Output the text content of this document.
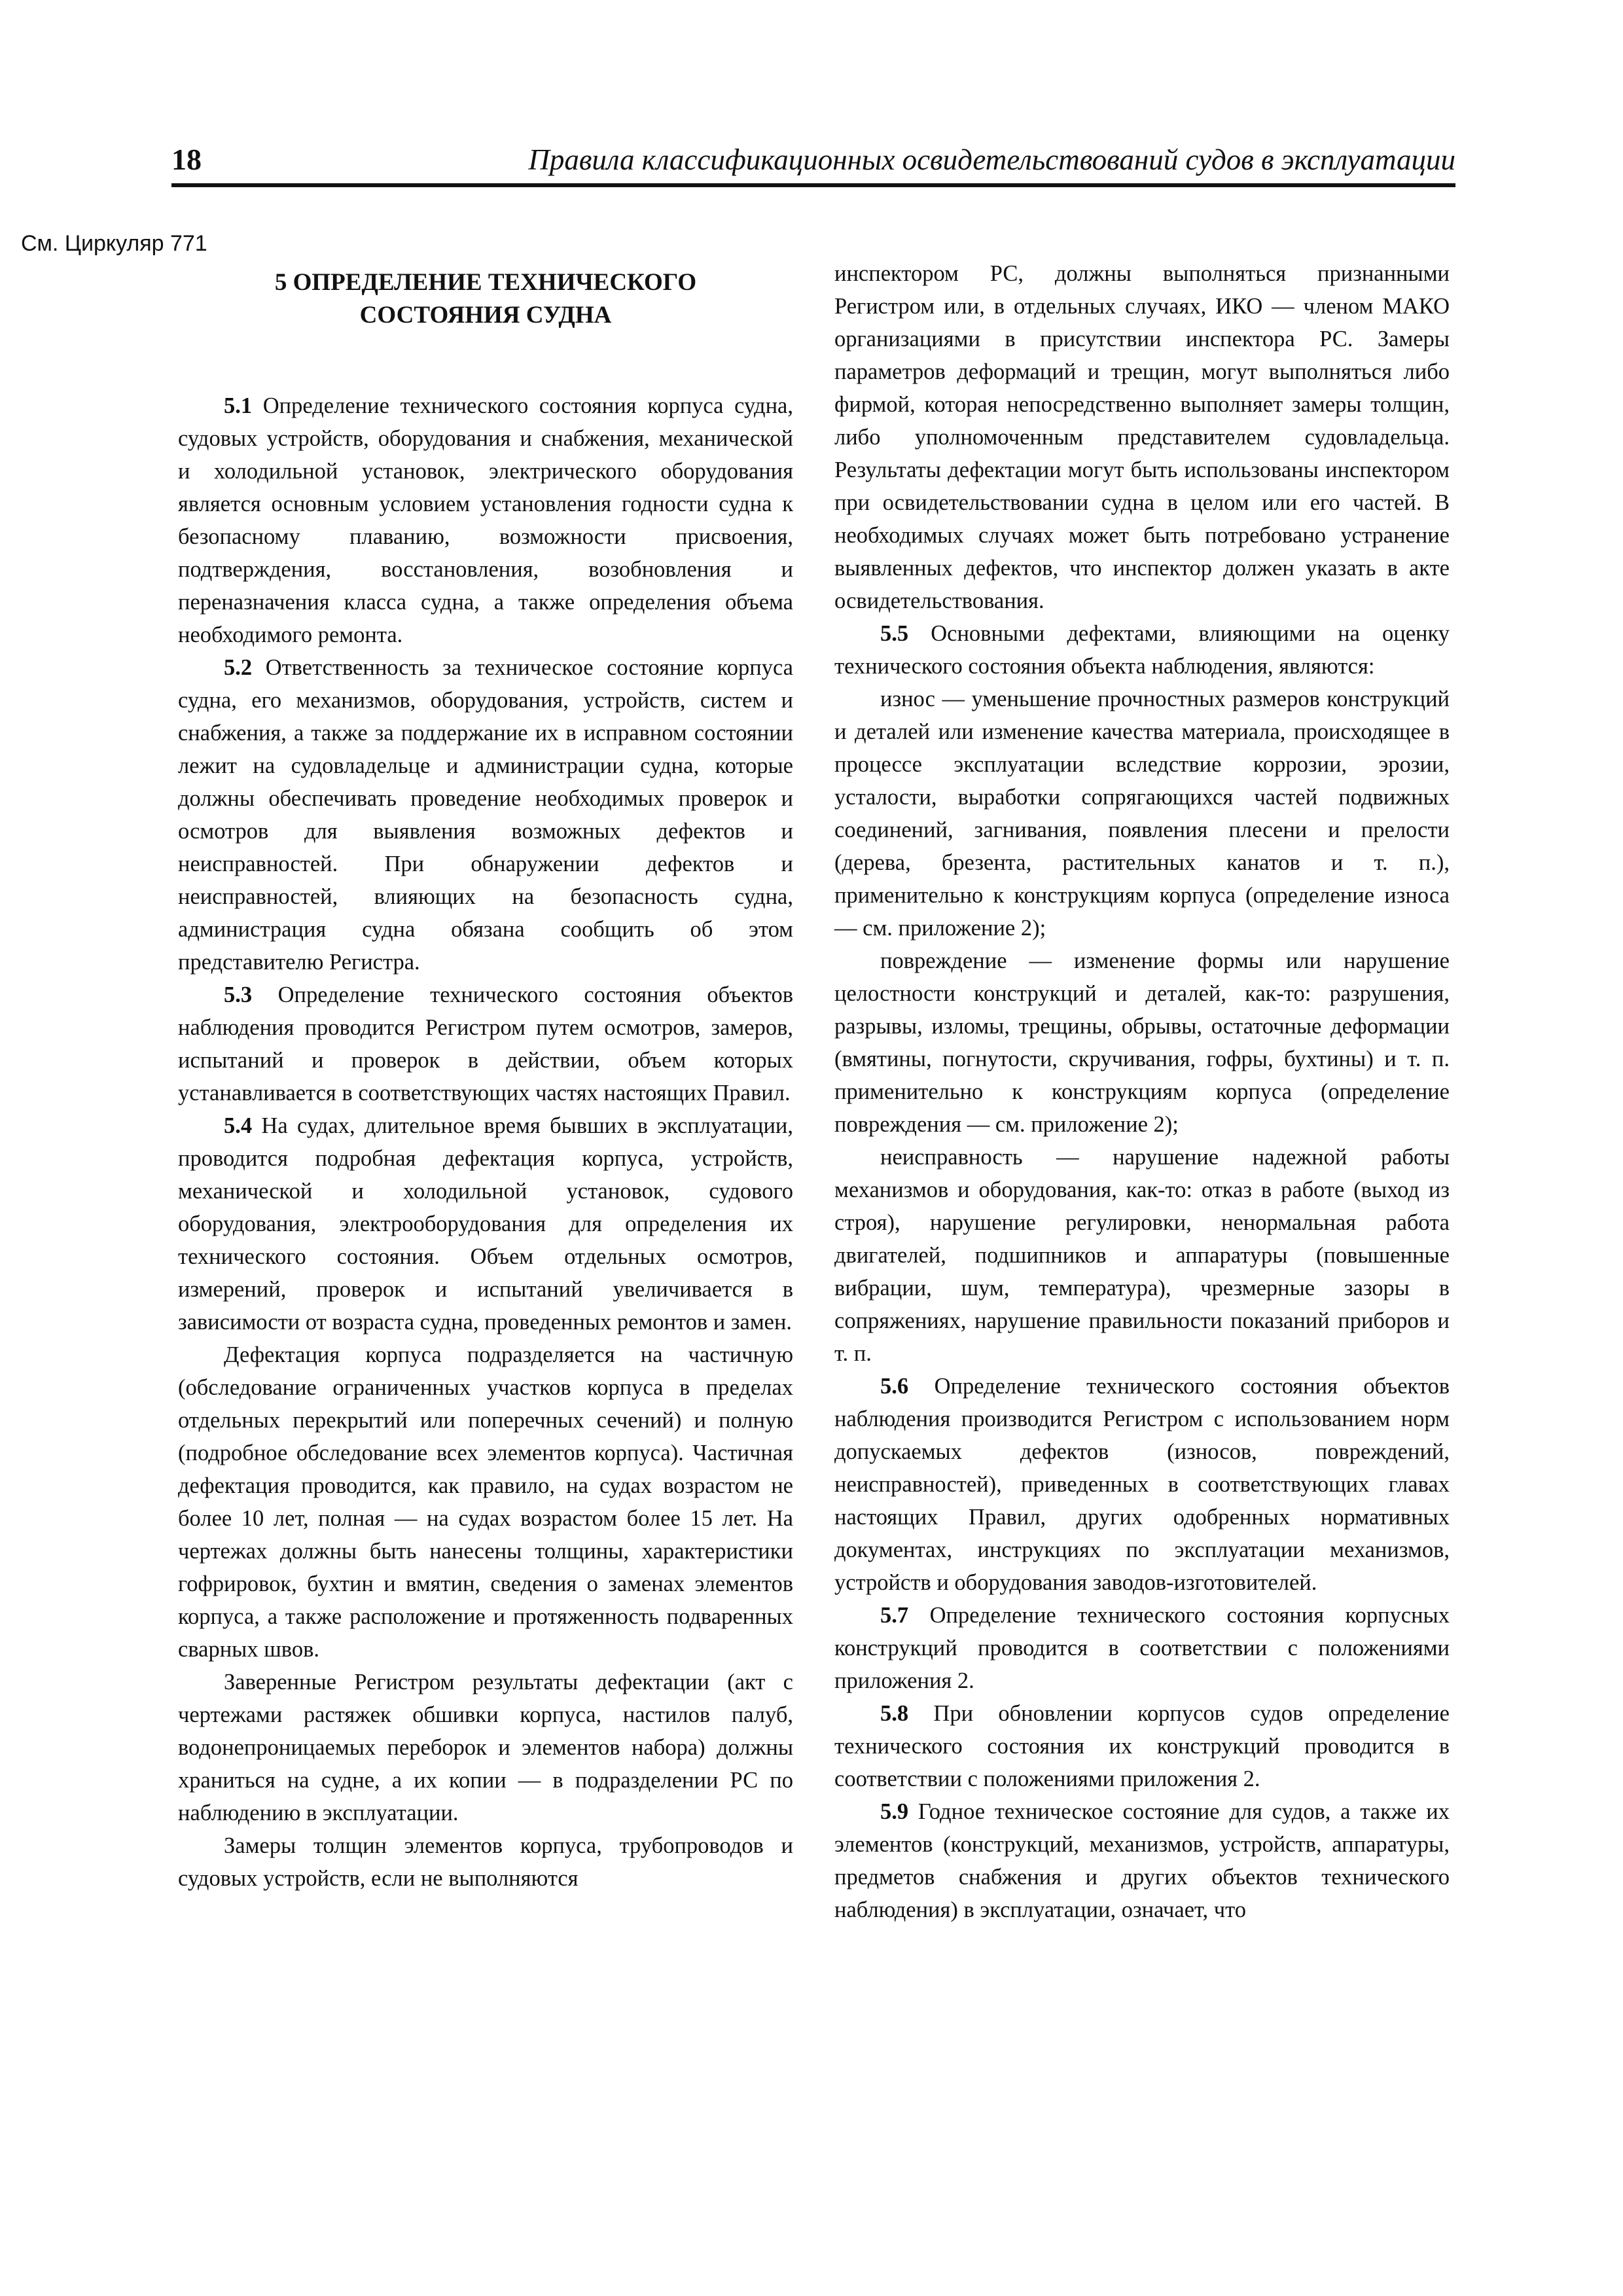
18	Правила классификационных освидетельствований судов в эксплуатации
См. Циркуляр 771
5 ОПРЕДЕЛЕНИЕ ТЕХНИЧЕСКОГО
СОСТОЯНИЯ СУДНА

5.1 Определение технического состояния корпуса судна, судовых устройств, оборудования и снабжения, механической и холодильной установок, электрического оборудования является основным условием установления годности судна к безопасному плаванию, возможности присвоения, подтверждения, восстановления, возобновления и переназначения класса судна, а также определения объема необходимого ремонта.

5.2 Ответственность за техническое состояние корпуса судна, его механизмов, оборудования, устройств, систем и снабжения, а также за поддержание их в исправном состоянии лежит на судовладельце и администрации судна, которые должны обеспечивать проведение необходимых проверок и осмотров для выявления возможных дефектов и неисправностей. При обнаружении дефектов и неисправностей, влияющих на безопасность судна, администрация судна обязана сообщить об этом представителю Регистра.

5.3 Определение технического состояния объектов наблюдения проводится Регистром путем осмотров, замеров, испытаний и проверок в действии, объем которых устанавливается в соответствующих частях настоящих Правил.

5.4 На судах, длительное время бывших в эксплуатации, проводится подробная дефектация корпуса, устройств, механической и холодильной установок, судового оборудования, электрооборудования для определения их технического состояния. Объем отдельных осмотров, измерений, проверок и испытаний увеличивается в зависимости от возраста судна, проведенных ремонтов и замен.

Дефектация корпуса подразделяется на частичную (обследование ограниченных участков корпуса в пределах отдельных перекрытий или поперечных сечений) и полную (подробное обследование всех элементов корпуса). Частичная дефектация проводится, как правило, на судах возрастом не более 10 лет, полная — на судах возрастом более 15 лет. На чертежах должны быть нанесены толщины, характеристики гофрировок, бухтин и вмятин, сведения о заменах элементов корпуса, а также расположение и протяженность подваренных сварных швов.

Заверенные Регистром результаты дефектации (акт с чертежами растяжек обшивки корпуса, настилов палуб, водонепроницаемых переборок и элементов набора) должны храниться на судне, а их копии — в подразделении РС по наблюдению в эксплуатации.

Замеры толщин элементов корпуса, трубопроводов и судовых устройств, если не выполняются

инспектором РС, должны выполняться признанными Регистром или, в отдельных случаях, ИКО — членом МАКО организациями в присутствии инспектора РС. Замеры параметров деформаций и трещин, могут выполняться либо фирмой, которая непосредственно выполняет замеры толщин, либо уполномоченным представителем судовладельца. Результаты дефектации могут быть использованы инспектором при освидетельствовании судна в целом или его частей. В необходимых случаях может быть потребовано устранение выявленных дефектов, что инспектор должен указать в акте освидетельствования.

5.5 Основными дефектами, влияющими на оценку технического состояния объекта наблюдения, являются:

износ — уменьшение прочностных размеров конструкций и деталей или изменение качества материала, происходящее в процессе эксплуатации вследствие коррозии, эрозии, усталости, выработки сопрягающихся частей подвижных соединений, загнивания, появления плесени и прелости (дерева, брезента, растительных канатов и т. п.), применительно к конструкциям корпуса (определение износа — см. приложение 2);

повреждение — изменение формы или нарушение целостности конструкций и деталей, как-то: разрушения, разрывы, изломы, трещины, обрывы, остаточные деформации (вмятины, погнутости, скручивания, гофры, бухтины) и т. п. применительно к конструкциям корпуса (определение повреждения — см. приложение 2);

неисправность — нарушение надежной работы механизмов и оборудования, как-то: отказ в работе (выход из строя), нарушение регулировки, ненормальная работа двигателей, подшипников и аппаратуры (повышенные вибрации, шум, температура), чрезмерные зазоры в сопряжениях, нарушение правильности показаний приборов и т. п.

5.6 Определение технического состояния объектов наблюдения производится Регистром с использованием норм допускаемых дефектов (износов, повреждений, неисправностей), приведенных в соответствующих главах настоящих Правил, других одобренных нормативных документах, инструкциях по эксплуатации механизмов, устройств и оборудования заводов-изготовителей.

5.7 Определение технического состояния корпусных конструкций проводится в соответствии с положениями приложения 2.

5.8 При обновлении корпусов судов определение технического состояния их конструкций проводится в соответствии с положениями приложения 2.

5.9 Годное техническое состояние для судов, а также их элементов (конструкций, механизмов, устройств, аппаратуры, предметов снабжения и других объектов технического наблюдения) в эксплуатации, означает, что
